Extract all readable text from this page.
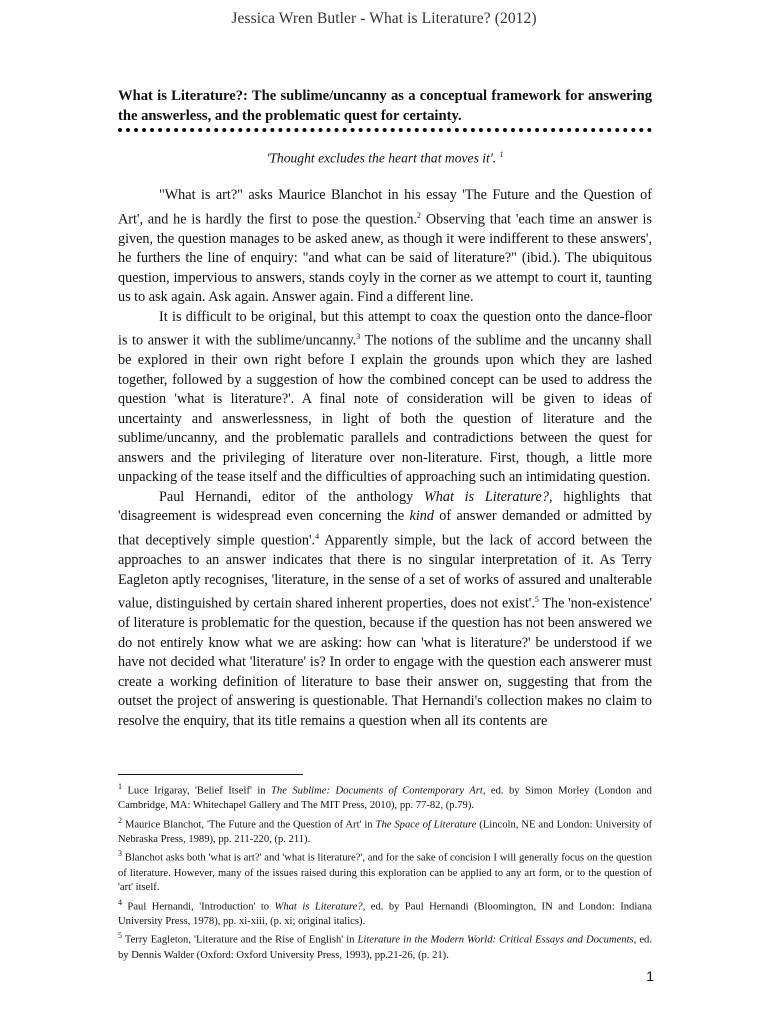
Jessica Wren Butler - What is Literature? (2012)
What is Literature?: The sublime/uncanny as a conceptual framework for answering the answerless, and the problematic quest for certainty.
'Thought excludes the heart that moves it'. $^1$

"What is art?" asks Maurice Blanchot in his essay 'The Future and the Question of Art', and he is hardly the first to pose the question.$^2$ Observing that 'each time an answer is given, the question manages to be asked anew, as though it were indifferent to these answers', he furthers the line of enquiry: "and what can be said of literature?" (ibid.). The ubiquitous question, impervious to answers, stands coyly in the corner as we attempt to court it, taunting us to ask again. Ask again. Answer again. Find a different line.

It is difficult to be original, but this attempt to coax the question onto the dance-floor is to answer it with the sublime/uncanny.$^3$ The notions of the sublime and the uncanny shall be explored in their own right before I explain the grounds upon which they are lashed together, followed by a suggestion of how the combined concept can be used to address the question 'what is literature?'. A final note of consideration will be given to ideas of uncertainty and answerlessness, in light of both the question of literature and the sublime/uncanny, and the problematic parallels and contradictions between the quest for answers and the privileging of literature over non-literature. First, though, a little more unpacking of the tease itself and the difficulties of approaching such an intimidating question.

Paul Hernandi, editor of the anthology What is Literature?, highlights that 'disagreement is widespread even concerning the kind of answer demanded or admitted by that deceptively simple question'.$^4$ Apparently simple, but the lack of accord between the approaches to an answer indicates that there is no singular interpretation of it. As Terry Eagleton aptly recognises, 'literature, in the sense of a set of works of assured and unalterable value, distinguished by certain shared inherent properties, does not exist'.$^5$ The 'non-existence' of literature is problematic for the question, because if the question has not been answered we do not entirely know what we are asking: how can 'what is literature?' be understood if we have not decided what 'literature' is? In order to engage with the question each answerer must create a working definition of literature to base their answer on, suggesting that from the outset the project of answering is questionable. That Hernandi's collection makes no claim to resolve the enquiry, that its title remains a question when all its contents are

$^1$ Luce Irigaray, 'Belief Itself' in The Sublime: Documents of Contemporary Art, ed. by Simon Morley (London and Cambridge, MA: Whitechapel Gallery and The MIT Press, 2010), pp. 77-82, (p.79).

$^2$ Maurice Blanchot, 'The Future and the Question of Art' in The Space of Literature (Lincoln, NE and London: University of Nebraska Press, 1989), pp. 211-220, (p. 211).

$^3$ Blanchot asks both 'what is art?' and 'what is literature?', and for the sake of concision I will generally focus on the question of literature. However, many of the issues raised during this exploration can be applied to any art form, or to the question of 'art' itself.

$^4$ Paul Hernandi, 'Introduction' to What is Literature?, ed. by Paul Hernandi (Bloomington, IN and London: Indiana University Press, 1978), pp. xi-xiii, (p. xi; original italics).

$^5$ Terry Eagleton, 'Literature and the Rise of English' in Literature in the Modern World: Critical Essays and Documents, ed. by Dennis Walder (Oxford: Oxford University Press, 1993), pp.21-26, (p. 21).

1
